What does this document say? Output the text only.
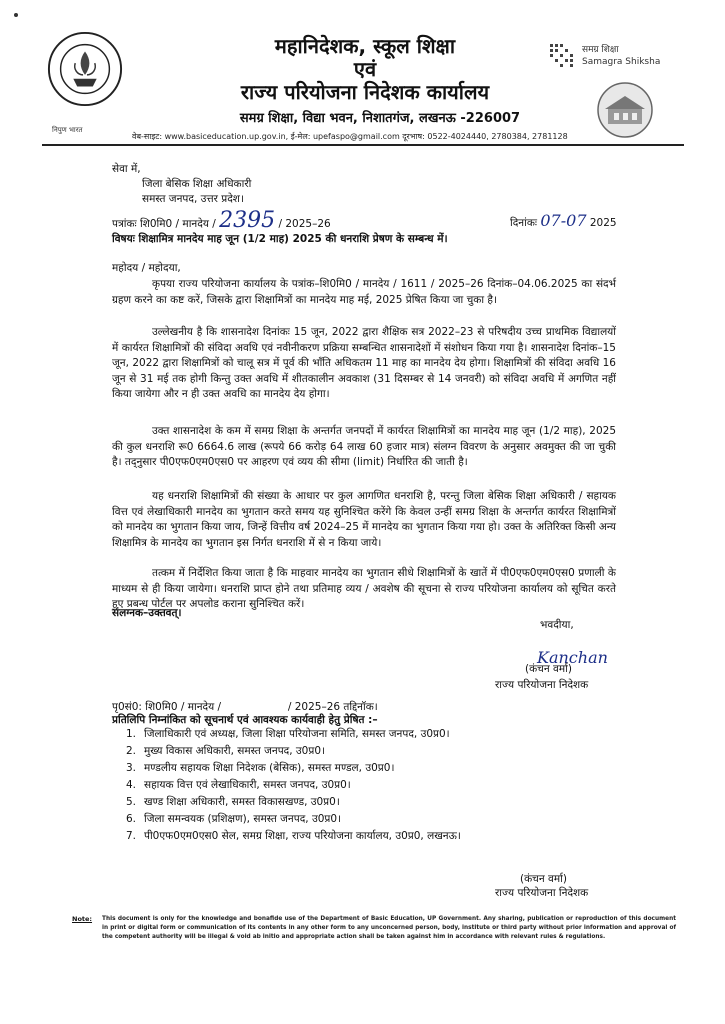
निपुण भारत
महानिदेशक, स्कूल शिक्षा
एवं
राज्य परियोजना निदेशक कार्यालय
समग्र शिक्षा, विद्या भवन, निशातगंज, लखनऊ -226007
वेब-साइट: www.basiceducation.up.gov.in, ई-मेल: upefaspo@gmail.com दूरभाष: 0522-4024440, 2780384, 2781128
समग्र शिक्षा
Samagra Shiksha
सेवा में,
जिला बेसिक शिक्षा अधिकारी
समस्त जनपद, उत्तर प्रदेश।
पत्रांकः शि0मि0 / मानदेय / 2395 / 2025–26	दिनांकः 07-07 2025
विषयः शिक्षामित्र मानदेय माह जून (1/2 माह) 2025 की धनराशि प्रेषण के सम्बन्ध में।
महोदय / महोदया,
कृपया राज्य परियोजना कार्यालय के पत्रांक–शि0मि0 / मानदेय / 1611 / 2025–26 दिनांक–04.06.2025 का संदर्भ ग्रहण करने का कष्ट करें, जिसके द्वारा शिक्षामित्रों का मानदेय माह मई, 2025 प्रेषित किया जा चुका है।
उल्लेखनीय है कि शासनादेश दिनांकः 15 जून, 2022 द्वारा शैक्षिक सत्र 2022–23 से परिषदीय उच्च प्राथमिक विद्यालयों में कार्यरत शिक्षामित्रों की संविदा अवधि एवं नवीनीकरण प्रक्रिया सम्बन्धित शासनादेशों में संशोधन किया गया है। शासनादेश दिनांक–15 जून, 2022 द्वारा शिक्षामित्रों को चालू सत्र में पूर्व की भाँति अधिकतम 11 माह का मानदेय देय होगा। शिक्षामित्रों की संविदा अवधि 16 जून से 31 मई तक होगी किन्तु उक्त अवधि में शीतकालीन अवकाश (31 दिसम्बर से 14 जनवरी) को संविदा अवधि में अगणित नहीं किया जायेगा और न ही उक्त अवधि का मानदेय देय होगा।
उक्त शासनादेश के कम में समग्र शिक्षा के अन्तर्गत जनपदों में कार्यरत शिक्षामित्रों का मानदेय माह जून (1/2 माह), 2025 की कुल धनराशि रू0 6664.6 लाख (रूपये 66 करोड़ 64 लाख 60 हजार मात्र) संलग्न विवरण के अनुसार अवमुक्त की जा चुकी है। तद्नुसार पी0एफ0एम0एस0 पर आहरण एवं व्यय की सीमा (limit) निर्धारित की जाती है।
यह धनराशि शिक्षामित्रों की संख्या के आधार पर कुल आगणित धनराशि है, परन्तु जिला बेसिक शिक्षा अधिकारी / सहायक वित्त एवं लेखाधिकारी मानदेय का भुगतान करते समय यह सुनिश्चित करेंगे कि केवल उन्हीं समग्र शिक्षा के अन्तर्गत कार्यरत शिक्षामित्रों को मानदेय का भुगतान किया जाय, जिन्हें वित्तीय वर्ष 2024–25 में मानदेय का भुगतान किया गया हो। उक्त के अतिरिक्त किसी अन्य शिक्षामित्र के मानदेय का भुगतान इस निर्गत धनराशि में से न किया जाये।
तत्कम में निर्देशित किया जाता है कि माहवार मानदेय का भुगतान सीधे शिक्षामित्रों के खातें में पी0एफ0एम0एस0 प्रणाली के माध्यम से ही किया जायेगा। धनराशि प्राप्त होने तथा प्रतिमाह व्यय / अवशेष की सूचना से राज्य परियोजना कार्यालय को सूचित करते हुए प्रबन्ध पोर्टल पर अपलोड कराना सुनिश्चित करें।
संलग्नक–उक्तवत्।
भवदीया,
Kanchan
(कंचन वर्मा)
राज्य परियोजना निदेशक
पृ0सं0: शि0मि0 / मानदेय /                    / 2025–26 तद्दिनॉक।
प्रतिलिपि निम्नांकित को सूचनार्थ एवं आवश्यक कार्यवाही हेतु प्रेषित :–
1. जिलाधिकारी एवं अध्यक्ष, जिला शिक्षा परियोजना समिति, समस्त जनपद, उ0प्र0।
2. मुख्य विकास अधिकारी, समस्त जनपद, उ0प्र0।
3. मण्डलीय सहायक शिक्षा निदेशक (बेसिक), समस्त मण्डल, उ0प्र0।
4. सहायक वित्त एवं लेखाधिकारी, समस्त जनपद, उ0प्र0।
5. खण्ड शिक्षा अधिकारी, समस्त विकासखण्ड, उ0प्र0।
6. जिला समन्वयक (प्रशिक्षण), समस्त जनपद, उ0प्र0।
7. पी0एफ0एम0एस0 सेल, समग्र शिक्षा, राज्य परियोजना कार्यालय, उ0प्र0, लखनऊ।
(कंचन वर्मा)
राज्य परियोजना निदेशक
Note: This document is only for the knowledge and bonafide use of the Department of Basic Education, UP Government. Any sharing, publication or reproduction of this document in print or digital form or communication of its contents in any other form to any unconcerned person, body, institute or third party without prior information and approval of the competent authority will be illegal & void ab initio and appropriate action shall be taken against him in accordance with relevant rules & regulations.
